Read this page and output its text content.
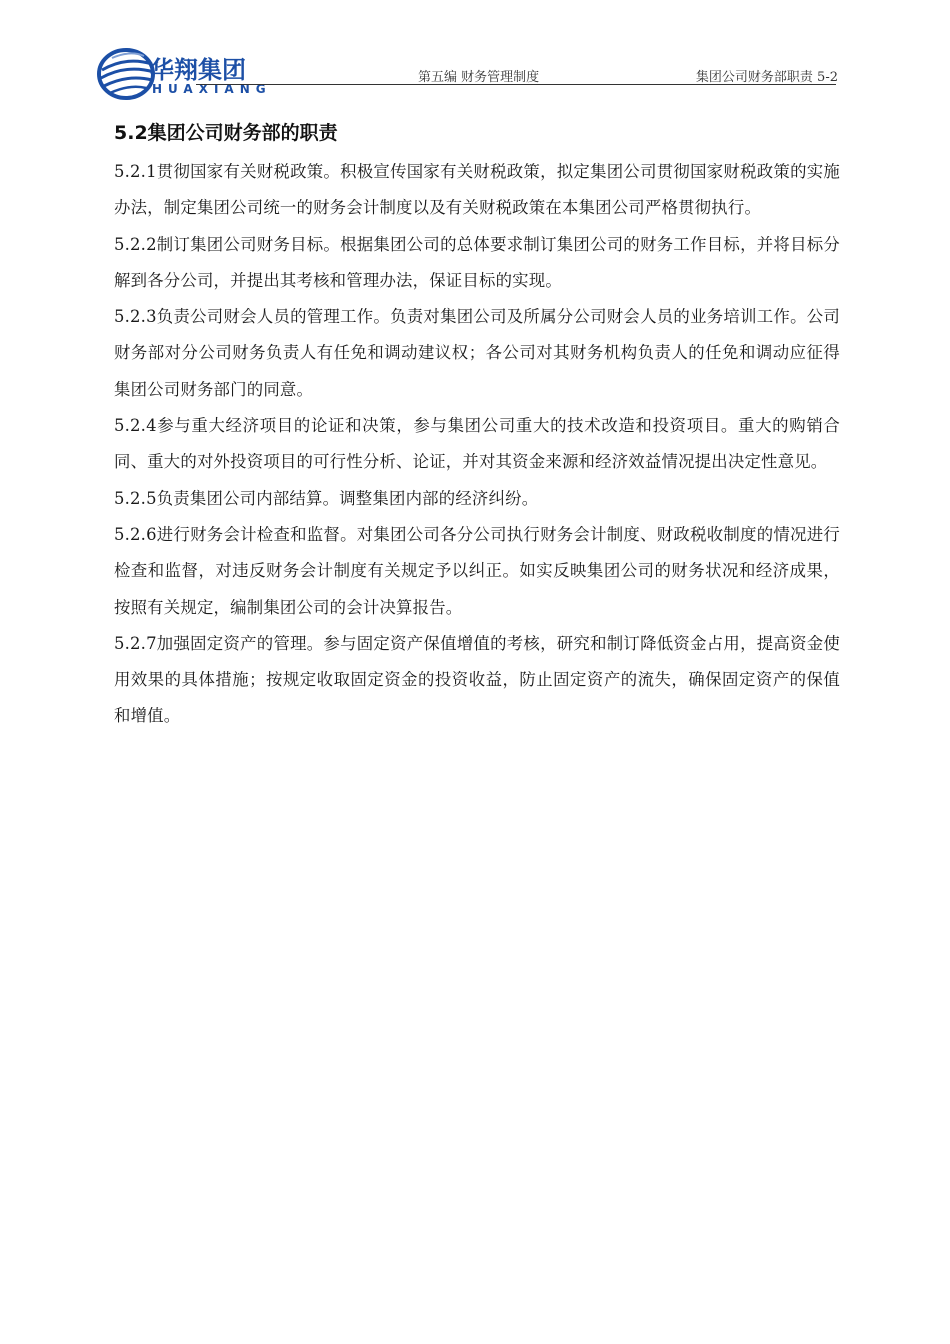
华翔集团
HUAXIANG
第五编 财务管理制度	集团公司财务部职责 5-2
5.2集团公司财务部的职责

5.2.1贯彻国家有关财税政策。积极宣传国家有关财税政策，拟定集团公司贯彻国家财税政策的实施办法，制定集团公司统一的财务会计制度以及有关财税政策在本集团公司严格贯彻执行。

5.2.2制订集团公司财务目标。根据集团公司的总体要求制订集团公司的财务工作目标，并将目标分解到各分公司，并提出其考核和管理办法，保证目标的实现。

5.2.3负责公司财会人员的管理工作。负责对集团公司及所属分公司财会人员的业务培训工作。公司财务部对分公司财务负责人有任免和调动建议权；各公司对其财务机构负责人的任免和调动应征得集团公司财务部门的同意。

5.2.4参与重大经济项目的论证和决策，参与集团公司重大的技术改造和投资项目。重大的购销合同、重大的对外投资项目的可行性分析、论证，并对其资金来源和经济效益情况提出决定性意见。

5.2.5负责集团公司内部结算。调整集团内部的经济纠纷。

5.2.6进行财务会计检查和监督。对集团公司各分公司执行财务会计制度、财政税收制度的情况进行检查和监督，对违反财务会计制度有关规定予以纠正。如实反映集团公司的财务状况和经济成果，按照有关规定，编制集团公司的会计决算报告。

5.2.7加强固定资产的管理。参与固定资产保值增值的考核，研究和制订降低资金占用，提高资金使用效果的具体措施；按规定收取固定资金的投资收益，防止固定资产的流失，确保固定资产的保值和增值。
